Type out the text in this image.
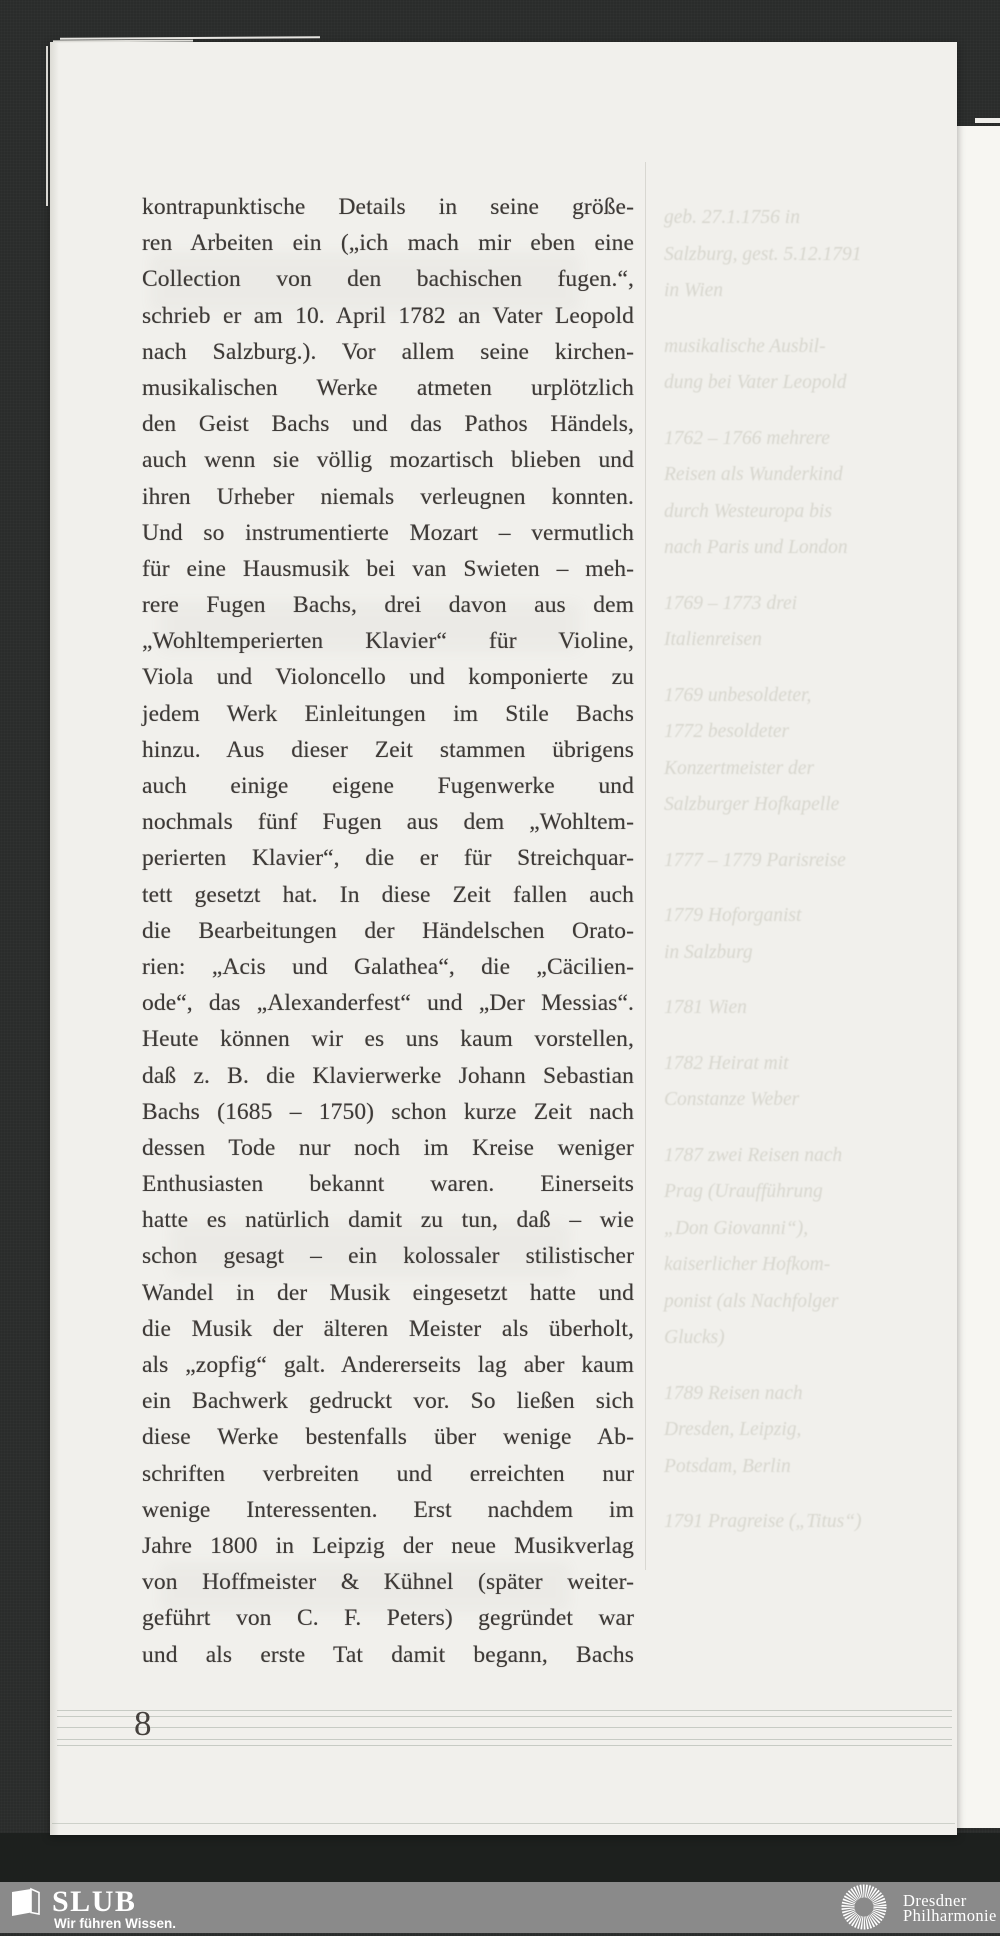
kontrapunktische Details in seine größe-
ren Arbeiten ein („ich mach mir eben eine
Collection von den bachischen fugen.“,
schrieb er am 10. April 1782 an Vater Leopold
nach Salzburg.). Vor allem seine kirchen-
musikalischen Werke atmeten urplötzlich
den Geist Bachs und das Pathos Händels,
auch wenn sie völlig mozartisch blieben und
ihren Urheber niemals verleugnen konnten.
Und so instrumentierte Mozart – vermutlich
für eine Hausmusik bei van Swieten – meh-
rere Fugen Bachs, drei davon aus dem
„Wohltemperierten Klavier“ für Violine,
Viola und Violoncello und komponierte zu
jedem Werk Einleitungen im Stile Bachs
hinzu. Aus dieser Zeit stammen übrigens
auch einige eigene Fugenwerke und
nochmals fünf Fugen aus dem „Wohltem-
perierten Klavier“, die er für Streichquar-
tett gesetzt hat. In diese Zeit fallen auch
die Bearbeitungen der Händelschen Orato-
rien: „Acis und Galathea“, die „Cäcilien-
ode“, das „Alexanderfest“ und „Der Messias“.
Heute können wir es uns kaum vorstellen,
daß z. B. die Klavierwerke Johann Sebastian
Bachs (1685 – 1750) schon kurze Zeit nach
dessen Tode nur noch im Kreise weniger
Enthusiasten bekannt waren. Einerseits
hatte es natürlich damit zu tun, daß – wie
schon gesagt – ein kolossaler stilistischer
Wandel in der Musik eingesetzt hatte und
die Musik der älteren Meister als überholt,
als „zopfig“ galt. Andererseits lag aber kaum
ein Bachwerk gedruckt vor. So ließen sich
diese Werke bestenfalls über wenige Ab-
schriften verbreiten und erreichten nur
wenige Interessenten. Erst nachdem im
Jahre 1800 in Leipzig der neue Musikverlag
von Hoffmeister & Kühnel (später weiter-
geführt von C. F. Peters) gegründet war
und als erste Tat damit begann, Bachs

geb. 27.1.1756 in
Salzburg, gest. 5.12.1791
in Wien

musikalische Ausbil-
dung bei Vater Leopold

1762 – 1766 mehrere
Reisen als Wunderkind
durch Westeuropa bis
nach Paris und London

1769 – 1773 drei
Italienreisen

1769 unbesoldeter,
1772 besoldeter
Konzertmeister der
Salzburger Hofkapelle

1777 – 1779 Parisreise

1779 Hoforganist
in Salzburg

1781 Wien

1782 Heirat mit
Constanze Weber

1787 zwei Reisen nach
Prag (Uraufführung
„Don Giovanni“),
kaiserlicher Hofkom-
ponist (als Nachfolger
Glucks)

1789 Reisen nach
Dresden, Leipzig,
Potsdam, Berlin

1791 Pragreise („Titus“)

8
SLUB
Wir führen Wissen.
Dresdner
Philharmonie
